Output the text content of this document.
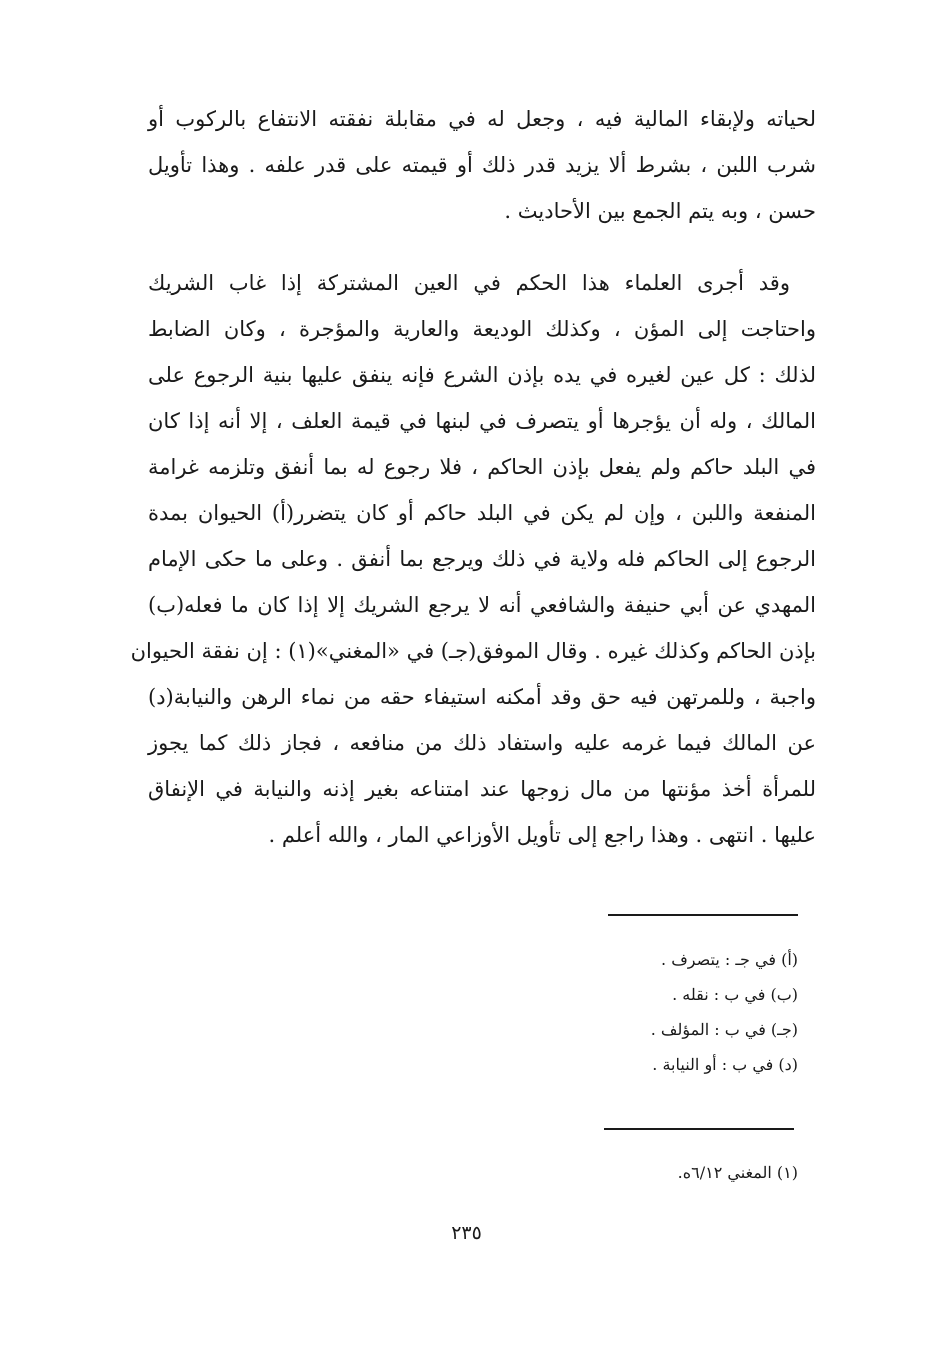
لحياته ولإبقاء المالية فيه ، وجعل له في مقابلة نفقته الانتفاع بالركوب أو
شرب اللبن ، بشرط ألا يزيد قدر ذلك أو قيمته على قدر علفه . وهذا تأويل
حسن ، وبه يتم الجمع بين الأحاديث .
وقد أجرى العلماء هذا الحكم في العين المشتركة إذا غاب الشريك
واحتاجت إلى المؤن ، وكذلك الوديعة والعارية والمؤجرة ، وكان الضابط
لذلك : كل عين لغيره في يده بإذن الشرع فإنه ينفق عليها بنية الرجوع على
المالك ، وله أن يؤجرها أو يتصرف في لبنها في قيمة العلف ، إلا أنه إذا كان
في البلد حاكم ولم يفعل بإذن الحاكم ، فلا رجوع له بما أنفق وتلزمه غرامة
المنفعة واللبن ، وإن لم يكن في البلد حاكم أو كان يتضرر(أ) الحيوان بمدة
الرجوع إلى الحاكم فله ولاية في ذلك ويرجع بما أنفق . وعلى ما حكى الإمام
المهدي عن أبي حنيفة والشافعي أنه لا يرجع الشريك إلا إذا كان ما فعله(ب)
بإذن الحاكم وكذلك غيره . وقال الموفق(جـ) في «المغني»(١) : إن نفقة الحيوان
واجبة ، وللمرتهن فيه حق وقد أمكنه استيفاء حقه من نماء الرهن والنيابة(د)
عن المالك فيما غرمه عليه واستفاد ذلك من منافعه ، فجاز ذلك كما يجوز
للمرأة أخذ مؤنتها من مال زوجها عند امتناعه بغير إذنه والنيابة في الإنفاق
عليها . انتهى . وهذا راجع إلى تأويل الأوزاعي المار ، والله أعلم .
(أ) في جـ : يتصرف .
(ب) في ب : نقله .
(جـ) في ب : المؤلف .
(د) في ب : أو النيابة .
(١) المغني ٦/١٢ه.
٢٣٥
